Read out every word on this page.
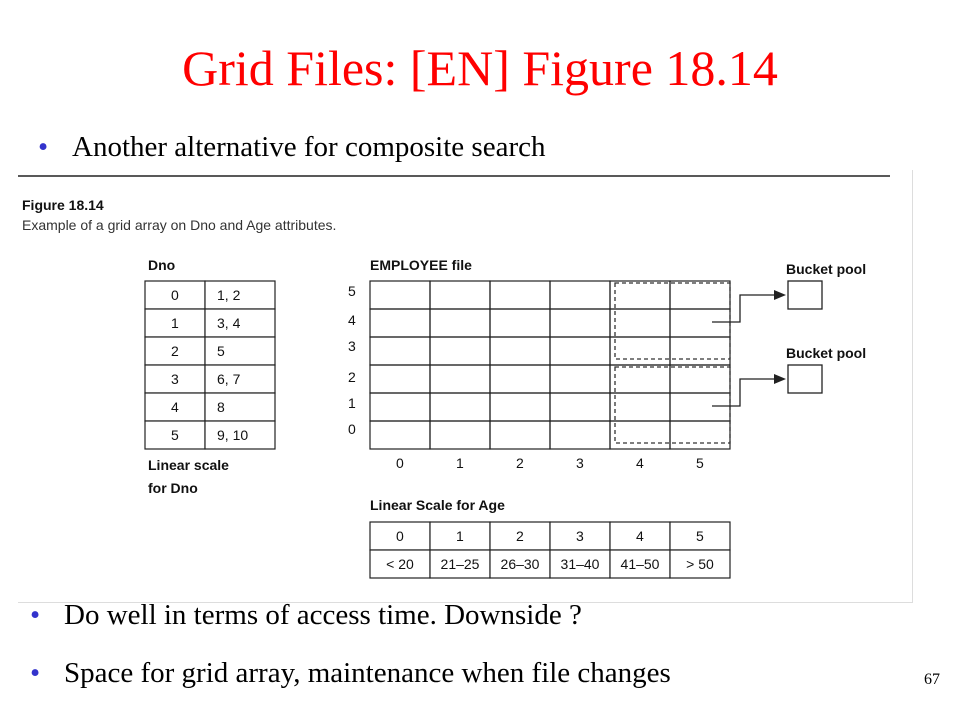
Grid Files: [EN] Figure 18.14
• Another alternative for composite search
Figure 18.14
Example of a grid array on Dno and Age attributes.
Dno
0	1, 2
1	3, 4
2	5
3	6, 7
4	8
5	9, 10
Linear scale
for Dno
EMPLOYEE file
5
4
3
2
1
0
0	1	2	3	4	5
Bucket pool
Bucket pool
Linear Scale for Age
0	1	2	3	4	5
< 20 21–25 26–30 31–40 41–50 > 50
• Do well in terms of access time. Downside ?
• Space for grid array, maintenance when file changes	67
